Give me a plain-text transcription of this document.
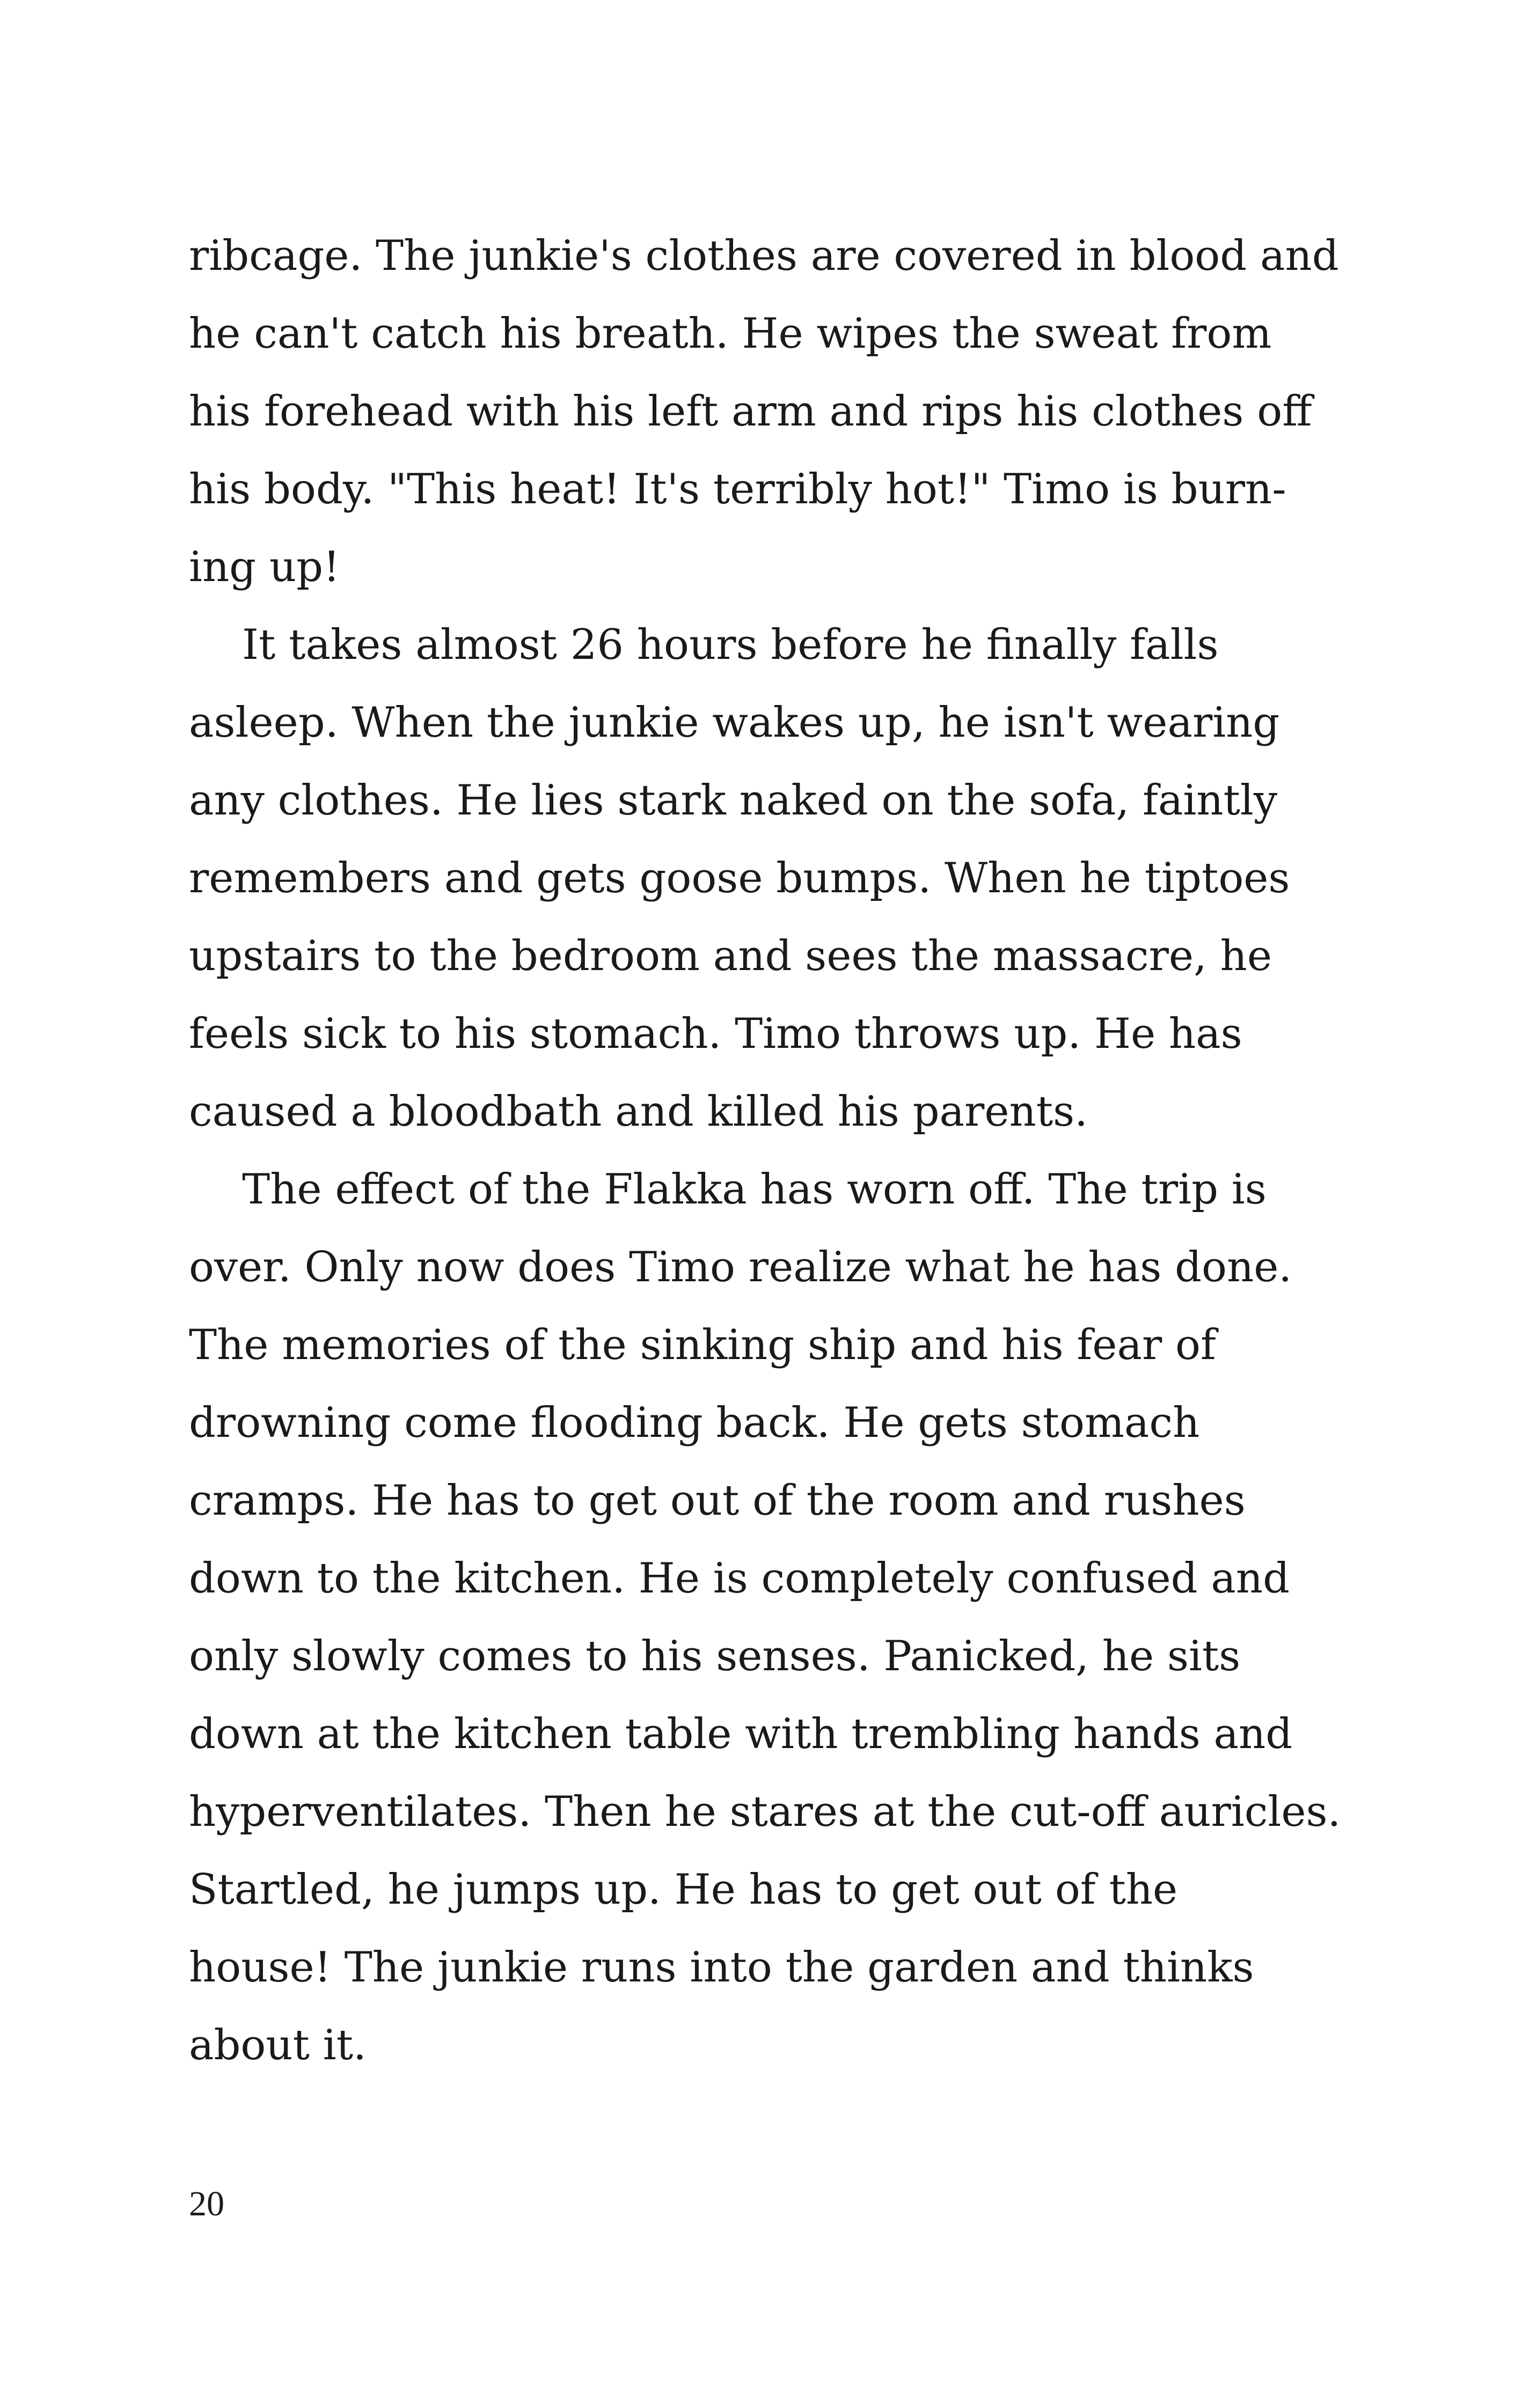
ribcage. The junkie's clothes are covered in blood and
he can't catch his breath. He wipes the sweat from
his forehead with his left arm and rips his clothes off
his body. "This heat! It's terribly hot!" Timo is burn-
ing up!
It takes almost 26 hours before he finally falls
asleep. When the junkie wakes up, he isn't wearing
any clothes. He lies stark naked on the sofa, faintly
remembers and gets goose bumps. When he tiptoes
upstairs to the bedroom and sees the massacre, he
feels sick to his stomach. Timo throws up. He has
caused a bloodbath and killed his parents.
The effect of the Flakka has worn off. The trip is
over. Only now does Timo realize what he has done.
The memories of the sinking ship and his fear of
drowning come flooding back. He gets stomach
cramps. He has to get out of the room and rushes
down to the kitchen. He is completely confused and
only slowly comes to his senses. Panicked, he sits
down at the kitchen table with trembling hands and
hyperventilates. Then he stares at the cut-off auricles.
Startled, he jumps up. He has to get out of the
house! The junkie runs into the garden and thinks
about it.
20
